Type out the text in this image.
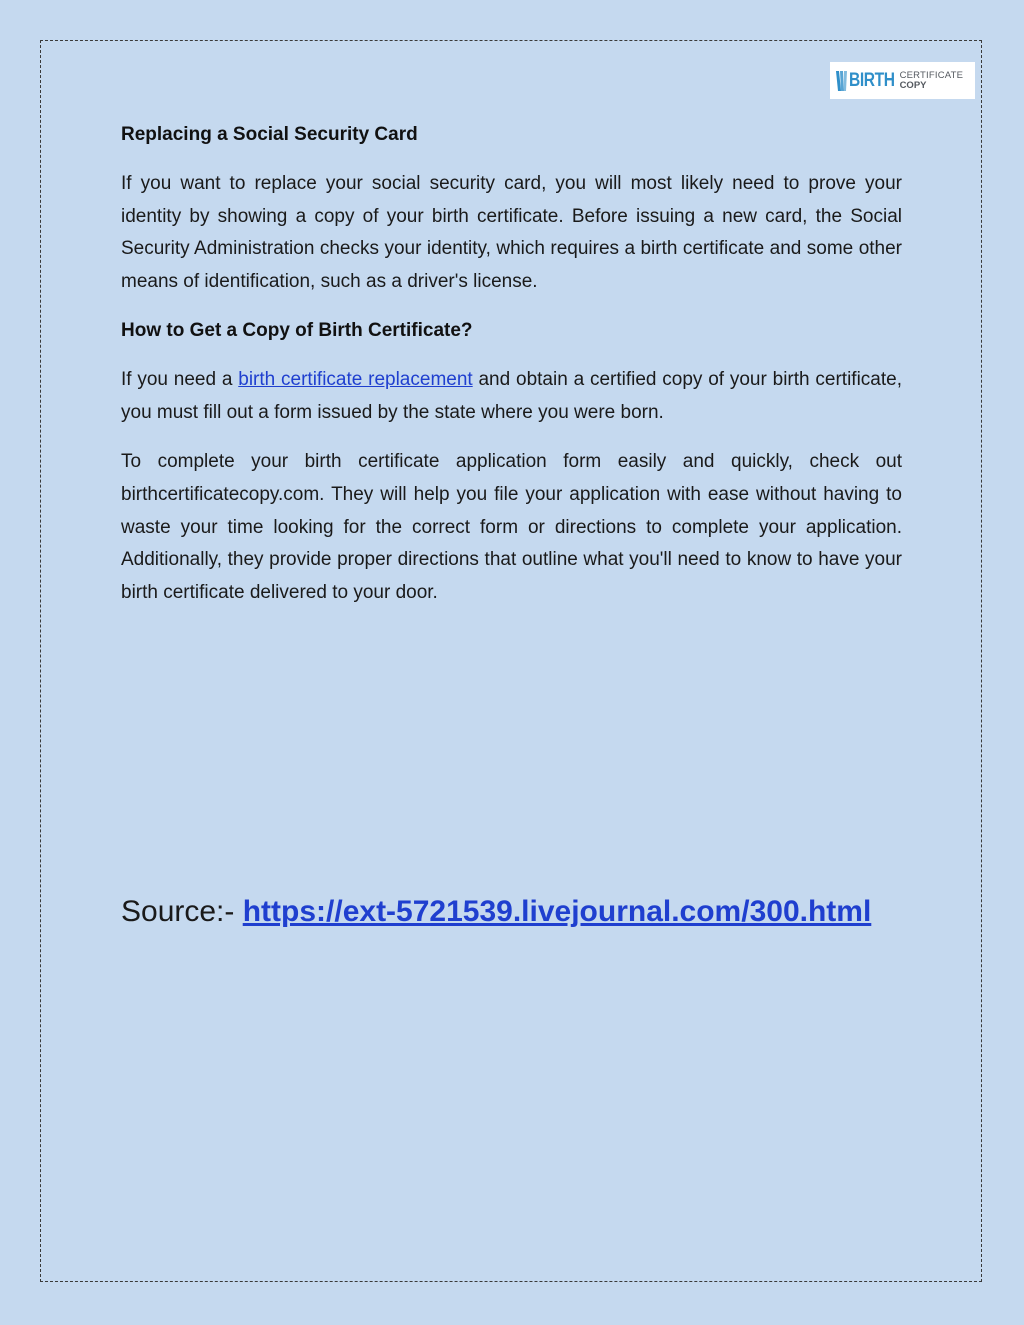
BIRTH CERTIFICATE
COPY
Replacing a Social Security Card

If you want to replace your social security card, you will most likely need to prove your identity by showing a copy of your birth certificate. Before issuing a new card, the Social Security Administration checks your identity, which requires a birth certificate and some other means of identification, such as a driver's license.

How to Get a Copy of Birth Certificate?

If you need a birth certificate replacement and obtain a certified copy of your birth certificate, you must fill out a form issued by the state where you were born.

To complete your birth certificate application form easily and quickly, check out birthcertificatecopy.com. They will help you file your application with ease without having to waste your time looking for the correct form or directions to complete your application. Additionally, they provide proper directions that outline what you'll need to know to have your birth certificate delivered to your door.

Source:- https://ext-5721539.livejournal.com/300.html
